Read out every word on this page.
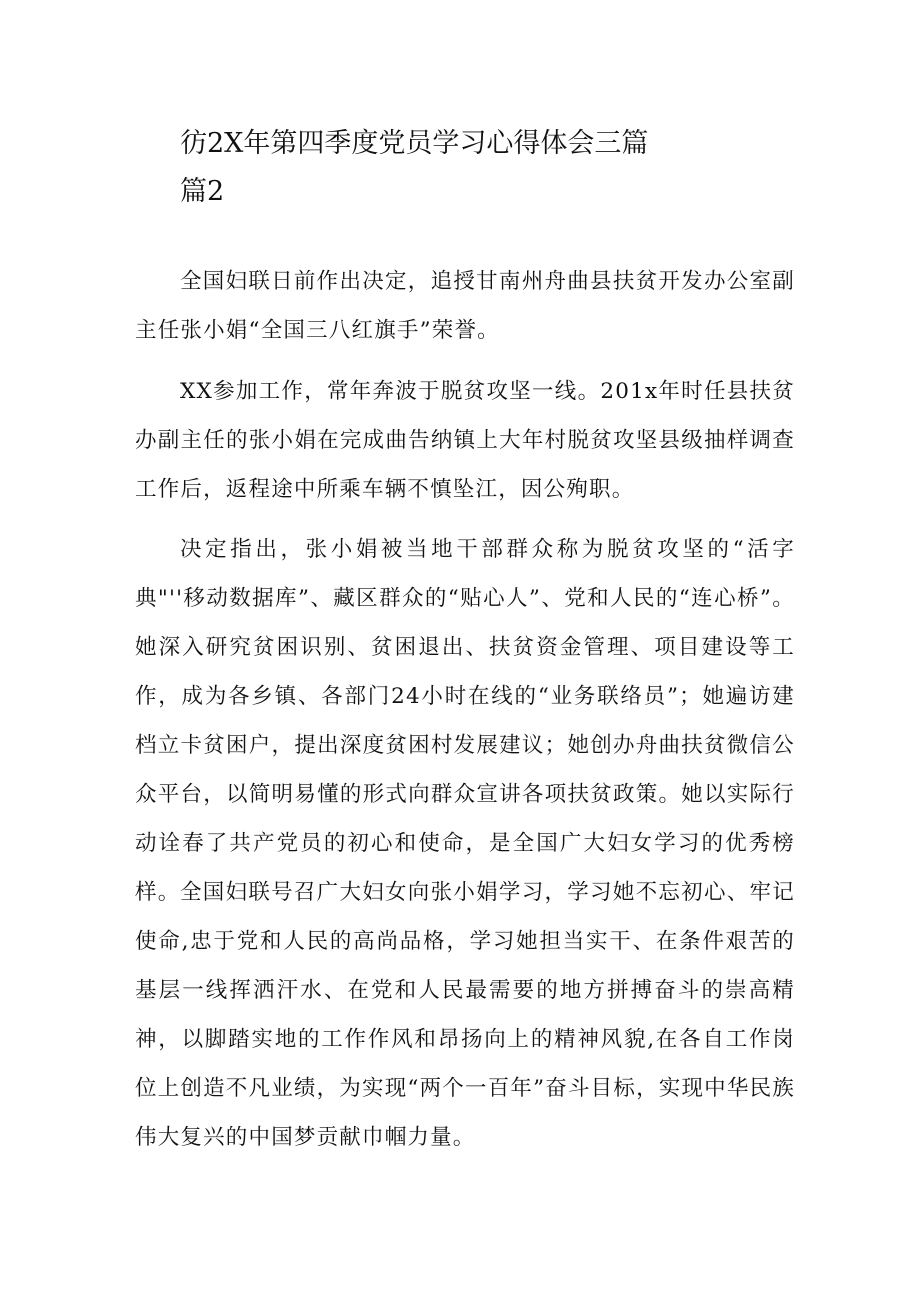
彷2X年第四季度党员学习心得体会三篇
篇2

全国妇联日前作出决定，追授甘南州舟曲县扶贫开发办公室副主任张小娟“全国三八红旗手”荣誉。

XX参加工作，常年奔波于脱贫攻坚一线。201x年时任县扶贫办副主任的张小娟在完成曲告纳镇上大年村脱贫攻坚县级抽样调查工作后，返程途中所乘车辆不慎坠江，因公殉职。

决定指出，张小娟被当地干部群众称为脱贫攻坚的“活字典"''移动数据库”、藏区群众的“贴心人”、党和人民的“连心桥”。她深入研究贫困识别、贫困退出、扶贫资金管理、项目建设等工作，成为各乡镇、各部门24小时在线的“业务联络员”；她遍访建档立卡贫困户，提出深度贫困村发展建议；她创办舟曲扶贫微信公众平台，以简明易懂的形式向群众宣讲各项扶贫政策。她以实际行动诠春了共产党员的初心和使命，是全国广大妇女学习的优秀榜样。 全国妇联号召广大妇女向张小娟学习，学习她不忘初心、牢记使命,忠于党和人民的高尚品格，学习她担当实干、在条件艰苦的基层一线挥洒汗水、在党和人民最需要的地方拼搏奋斗的崇高精神，以脚踏实地的工作作风和昂扬向上的精神风貌,在各自工作岗位上创造不凡业绩，为实现“两个一百年”奋斗目标，实现中华民族伟大复兴的中国梦贡献巾帼力量。
